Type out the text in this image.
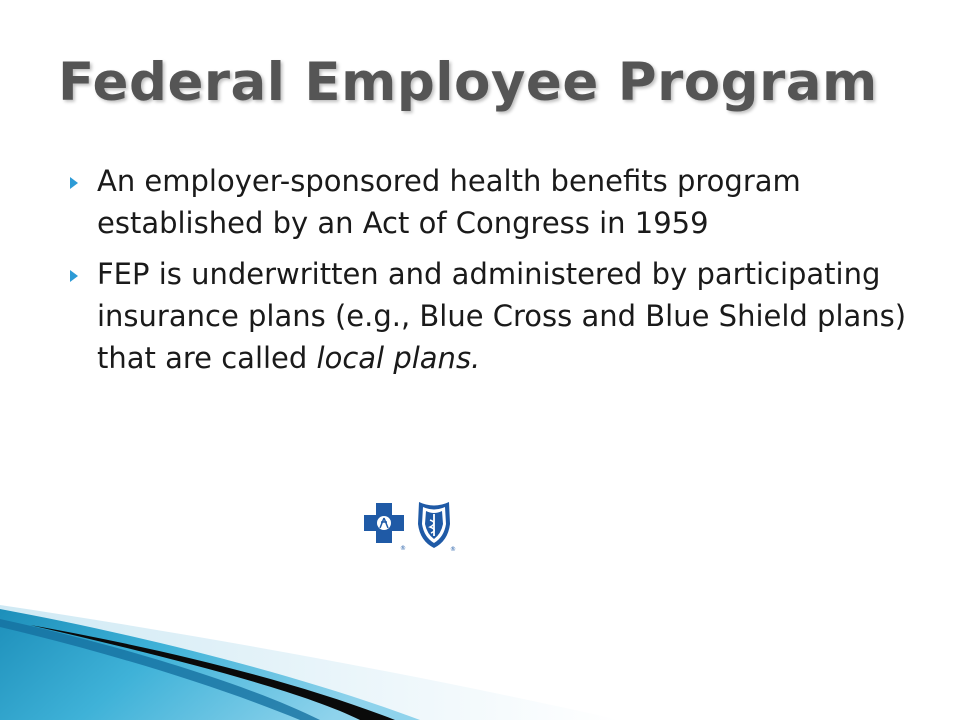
Federal Employee Program
An employer-sponsored health benefits program established by an Act of Congress in 1959
FEP is underwritten and administered by participating insurance plans (e.g., Blue Cross and Blue Shield plans) that are called local plans.
®	®
